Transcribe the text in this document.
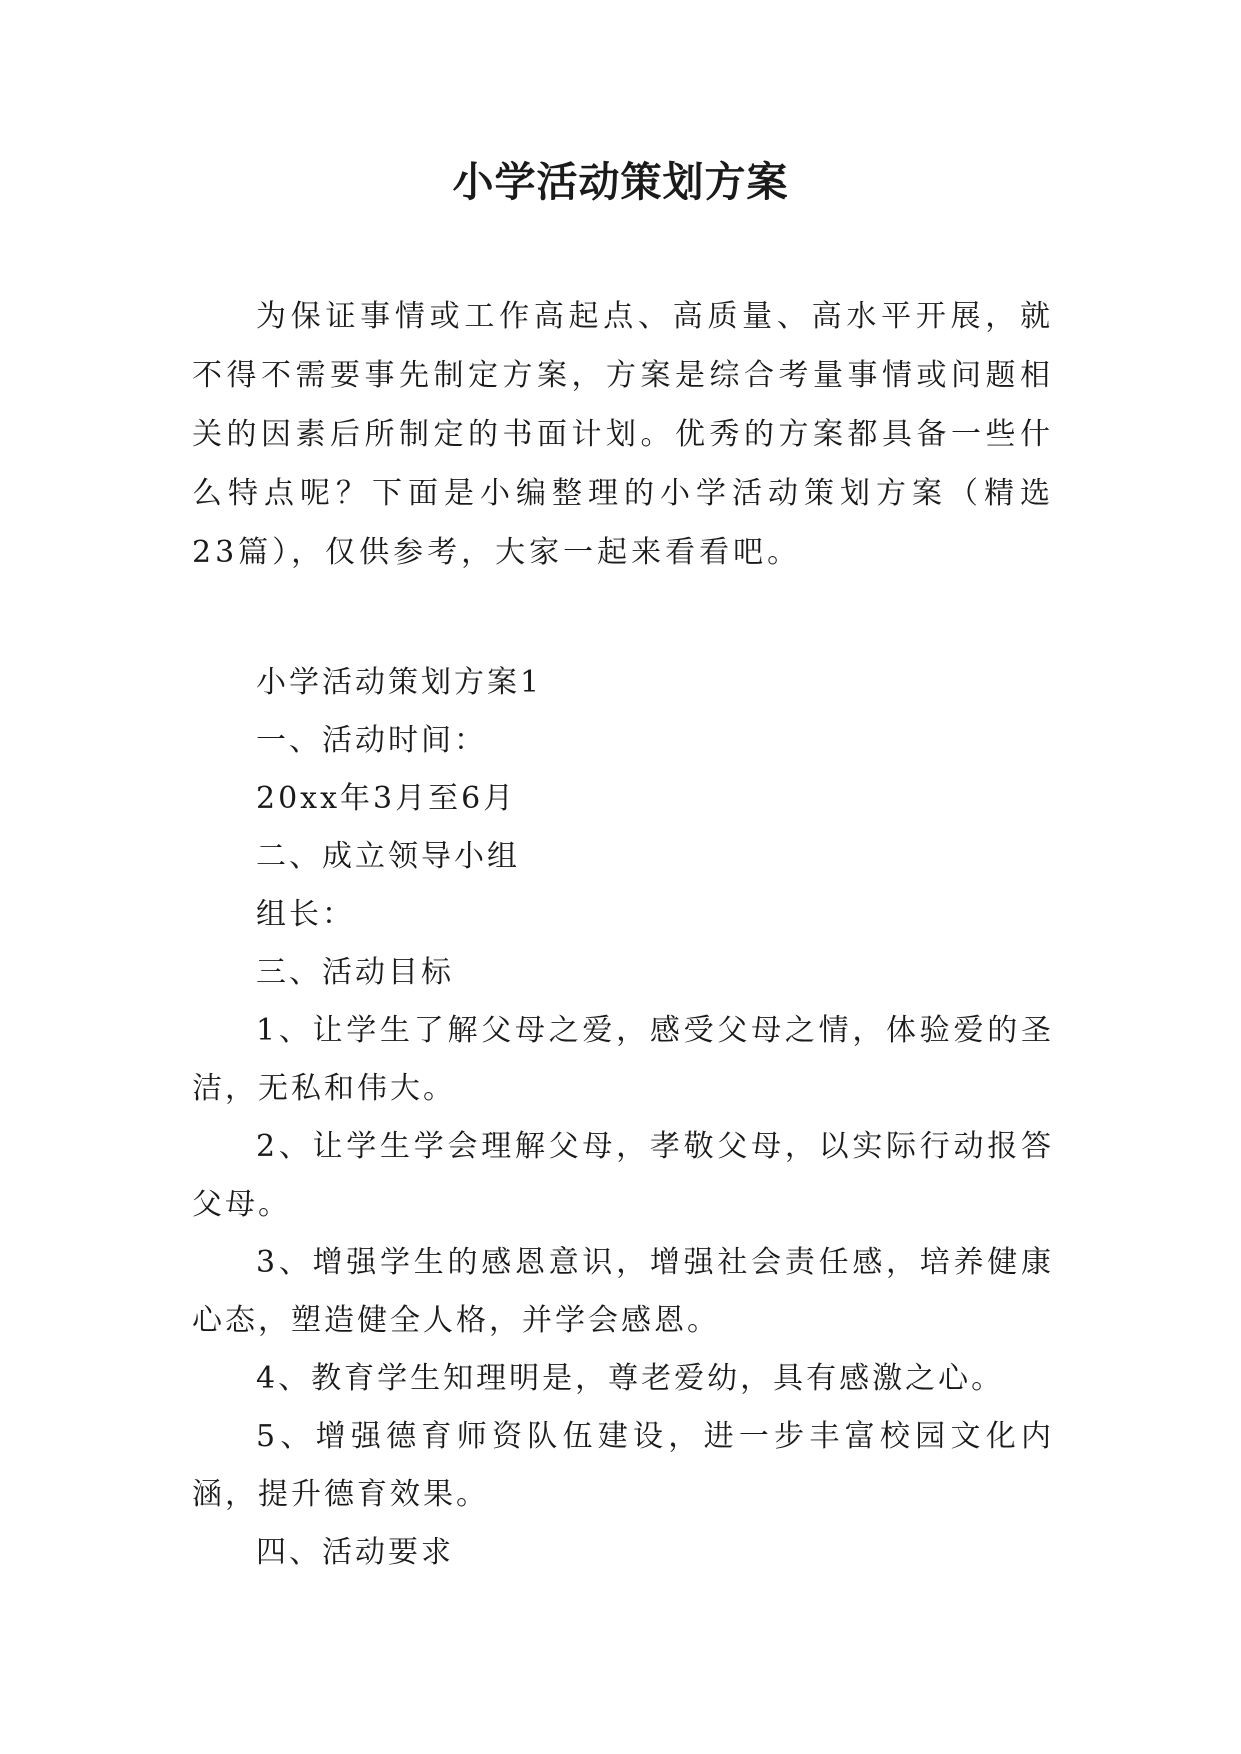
小学活动策划方案

为保证事情或工作高起点、高质量、高水平开展，就不得不需要事先制定方案，方案是综合考量事情或问题相关的因素后所制定的书面计划。优秀的方案都具备一些什么特点呢？下面是小编整理的小学活动策划方案（精选23篇），仅供参考，大家一起来看看吧。

小学活动策划方案1

一、活动时间：

20xx年3月至6月

二、成立领导小组

组长：

三、活动目标

1、让学生了解父母之爱，感受父母之情，体验爱的圣洁，无私和伟大。

2、让学生学会理解父母，孝敬父母，以实际行动报答父母。

3、增强学生的感恩意识，增强社会责任感，培养健康心态，塑造健全人格，并学会感恩。

4、教育学生知理明是，尊老爱幼，具有感激之心。

5、增强德育师资队伍建设，进一步丰富校园文化内涵，提升德育效果。

四、活动要求
